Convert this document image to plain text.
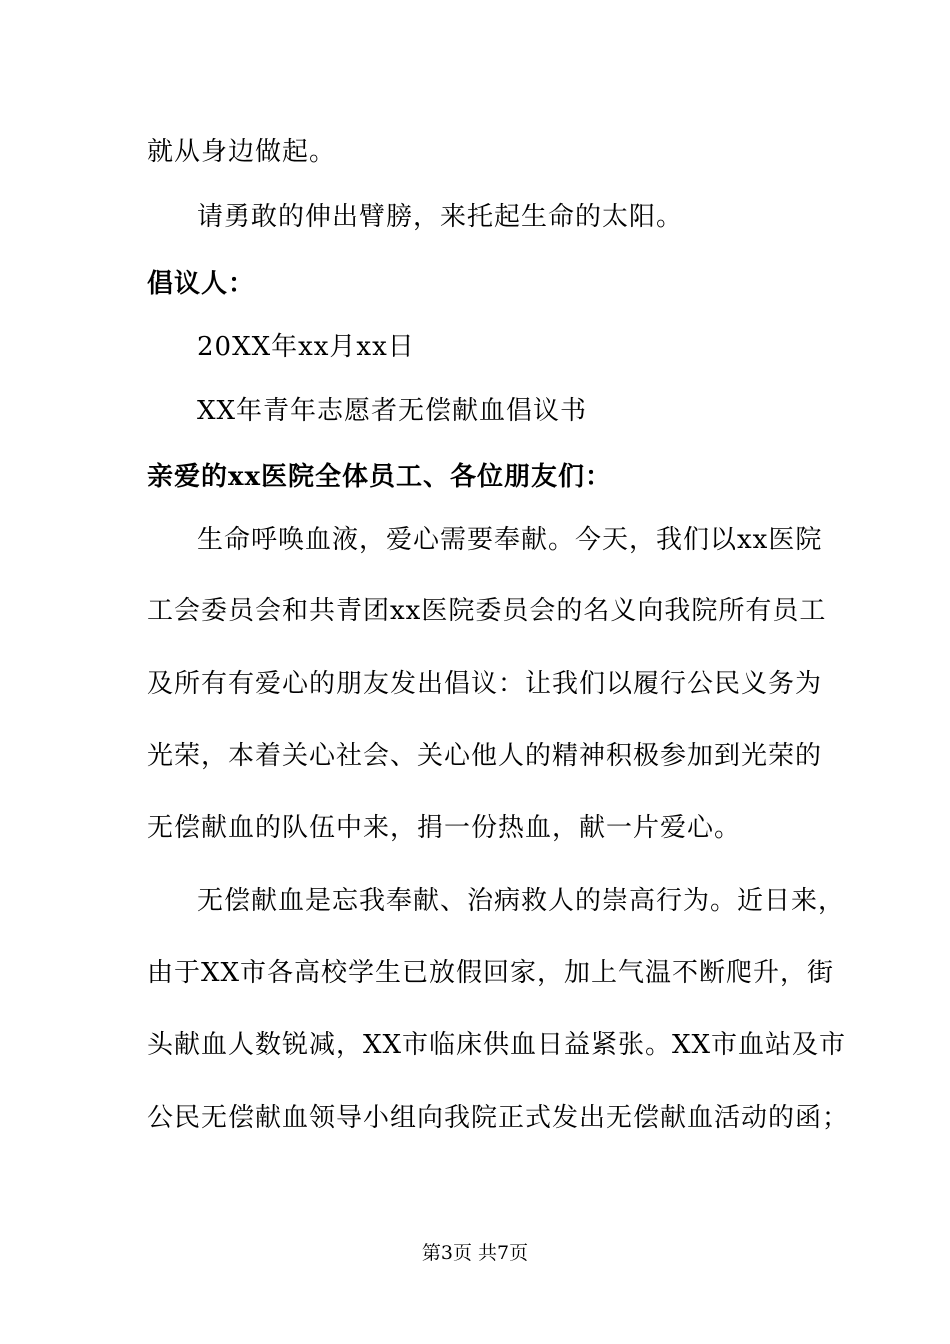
就从身边做起。
请勇敢的伸出臂膀，来托起生命的太阳。
倡议人：
20XX年xx月xx日
XX年青年志愿者无偿献血倡议书
亲爱的xx医院全体员工、各位朋友们：
生命呼唤血液，爱心需要奉献。今天，我们以xx医院
工会委员会和共青团xx医院委员会的名义向我院所有员工
及所有有爱心的朋友发出倡议：让我们以履行公民义务为
光荣，本着关心社会、关心他人的精神积极参加到光荣的
无偿献血的队伍中来，捐一份热血，献一片爱心。
无偿献血是忘我奉献、治病救人的崇高行为。近日来，
由于XX市各高校学生已放假回家，加上气温不断爬升，街
头献血人数锐减，XX市临床供血日益紧张。XX市血站及市
公民无偿献血领导小组向我院正式发出无偿献血活动的函；
第3页 共7页
